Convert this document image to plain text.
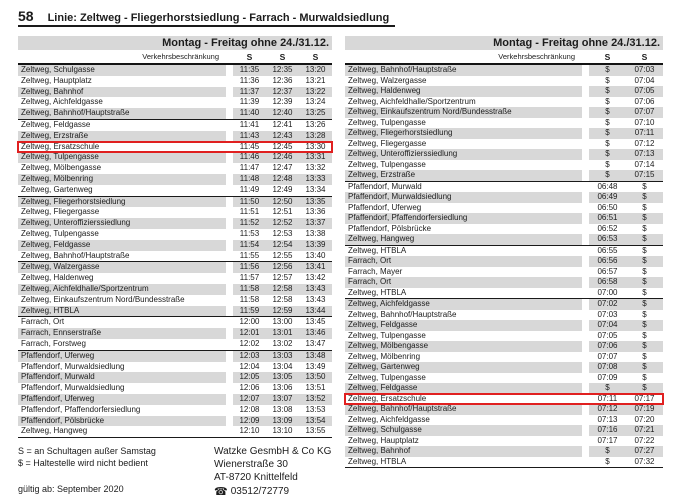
58 Linie: Zeltweg - Fliegerhorstsiedlung - Farrach - Murwaldsiedlung
Montag - Freitag ohne 24./31.12.
Verkehrsbeschränkung	S	S	S
Zeltweg, Schulgasse	11:35	12:35	13:20
Zeltweg, Hauptplatz	11:36	12:36	13:21
Zeltweg, Bahnhof	11:37	12:37	13:22
Zeltweg, Aichfeldgasse	11:39	12:39	13:24
Zeltweg, Bahnhof/Hauptstraße	11:40	12:40	13:25
Zeltweg, Feldgasse	11:41	12:41	13:26
Zeltweg, Erzstraße	11:43	12:43	13:28
Zeltweg, Ersatzschule	11:45	12:45	13:30
Zeltweg, Tulpengasse	11:46	12:46	13:31
Zeltweg, Mölbengasse	11:47	12:47	13:32
Zeltweg, Mölbenring	11:48	12:48	13:33
Zeltweg, Gartenweg	11:49	12:49	13:34
Zeltweg, Fliegerhorstsiedlung	11:50	12:50	13:35
Zeltweg, Fliegergasse	11:51	12:51	13:36
Zeltweg, Unteroffizierssiedlung	11:52	12:52	13:37
Zeltweg, Tulpengasse	11:53	12:53	13:38
Zeltweg, Feldgasse	11:54	12:54	13:39
Zeltweg, Bahnhof/Hauptstraße	11:55	12:55	13:40
Zeltweg, Walzergasse	11:56	12:56	13:41
Zeltweg, Haldenweg	11:57	12:57	13:42
Zeltweg, Aichfeldhalle/Sportzentrum	11:58	12:58	13:43
Zeltweg, Einkaufszentrum Nord/Bundesstraße	11:58	12:58	13:43
Zeltweg, HTBLA	11:59	12:59	13:44
Farrach, Ort	12:00	13:00	13:45
Farrach, Ennserstraße	12:01	13:01	13:46
Farrach, Forstweg	12:02	13:02	13:47
Pfaffendorf, Uferweg	12:03	13:03	13:48
Pfaffendorf, Murwaldsiedlung	12:04	13:04	13:49
Pfaffendorf, Murwald	12:05	13:05	13:50
Pfaffendorf, Murwaldsiedlung	12:06	13:06	13:51
Pfaffendorf, Uferweg	12:07	13:07	13:52
Pfaffendorf, Pfaffendorfersiedlung	12:08	13:08	13:53
Pfaffendorf, Pölsbrücke	12:09	13:09	13:54
Zeltweg, Hangweg	12:10	13:10	13:55
S = an Schultagen außer Samstag
$ = Haltestelle wird nicht bedient
gültig ab: September 2020
Watzke GesmbH & Co KG
Wienerstraße 30
AT-8720 Knittelfeld
☎ 03512/72779
Montag - Freitag ohne 24./31.12.
Verkehrsbeschränkung	S	S
Zeltweg, Bahnhof/Hauptstraße	$	07:03
Zeltweg, Walzergasse	$	07:04
Zeltweg, Haldenweg	$	07:05
Zeltweg, Aichfeldhalle/Sportzentrum	$	07:06
Zeltweg, Einkaufszentrum Nord/Bundesstraße	$	07:07
Zeltweg, Tulpengasse	$	07:10
Zeltweg, Fliegerhorstsiedlung	$	07:11
Zeltweg, Fliegergasse	$	07:12
Zeltweg, Unteroffizierssiedlung	$	07:13
Zeltweg, Tulpengasse	$	07:14
Zeltweg, Erzstraße	$	07:15
Pfaffendorf, Murwald	06:48	$
Pfaffendorf, Murwaldsiedlung	06:49	$
Pfaffendorf, Uferweg	06:50	$
Pfaffendorf, Pfaffendorfersiedlung	06:51	$
Pfaffendorf, Pölsbrücke	06:52	$
Zeltweg, Hangweg	06:53	$
Zeltweg, HTBLA	06:55	$
Farrach, Ort	06:56	$
Farrach, Mayer	06:57	$
Farrach, Ort	06:58	$
Zeltweg, HTBLA	07:00	$
Zeltweg, Aichfeldgasse	07:02	$
Zeltweg, Bahnhof/Hauptstraße	07:03	$
Zeltweg, Feldgasse	07:04	$
Zeltweg, Tulpengasse	07:05	$
Zeltweg, Mölbengasse	07:06	$
Zeltweg, Mölbenring	07:07	$
Zeltweg, Gartenweg	07:08	$
Zeltweg, Tulpengasse	07:09	$
Zeltweg, Feldgasse	$	$
Zeltweg, Ersatzschule	07:11	07:17
Zeltweg, Bahnhof/Hauptstraße	07:12	07:19
Zeltweg, Aichfeldgasse	07:13	07:20
Zeltweg, Schulgasse	07:16	07:21
Zeltweg, Hauptplatz	07:17	07:22
Zeltweg, Bahnhof	$	07:27
Zeltweg, HTBLA	$	07:32
